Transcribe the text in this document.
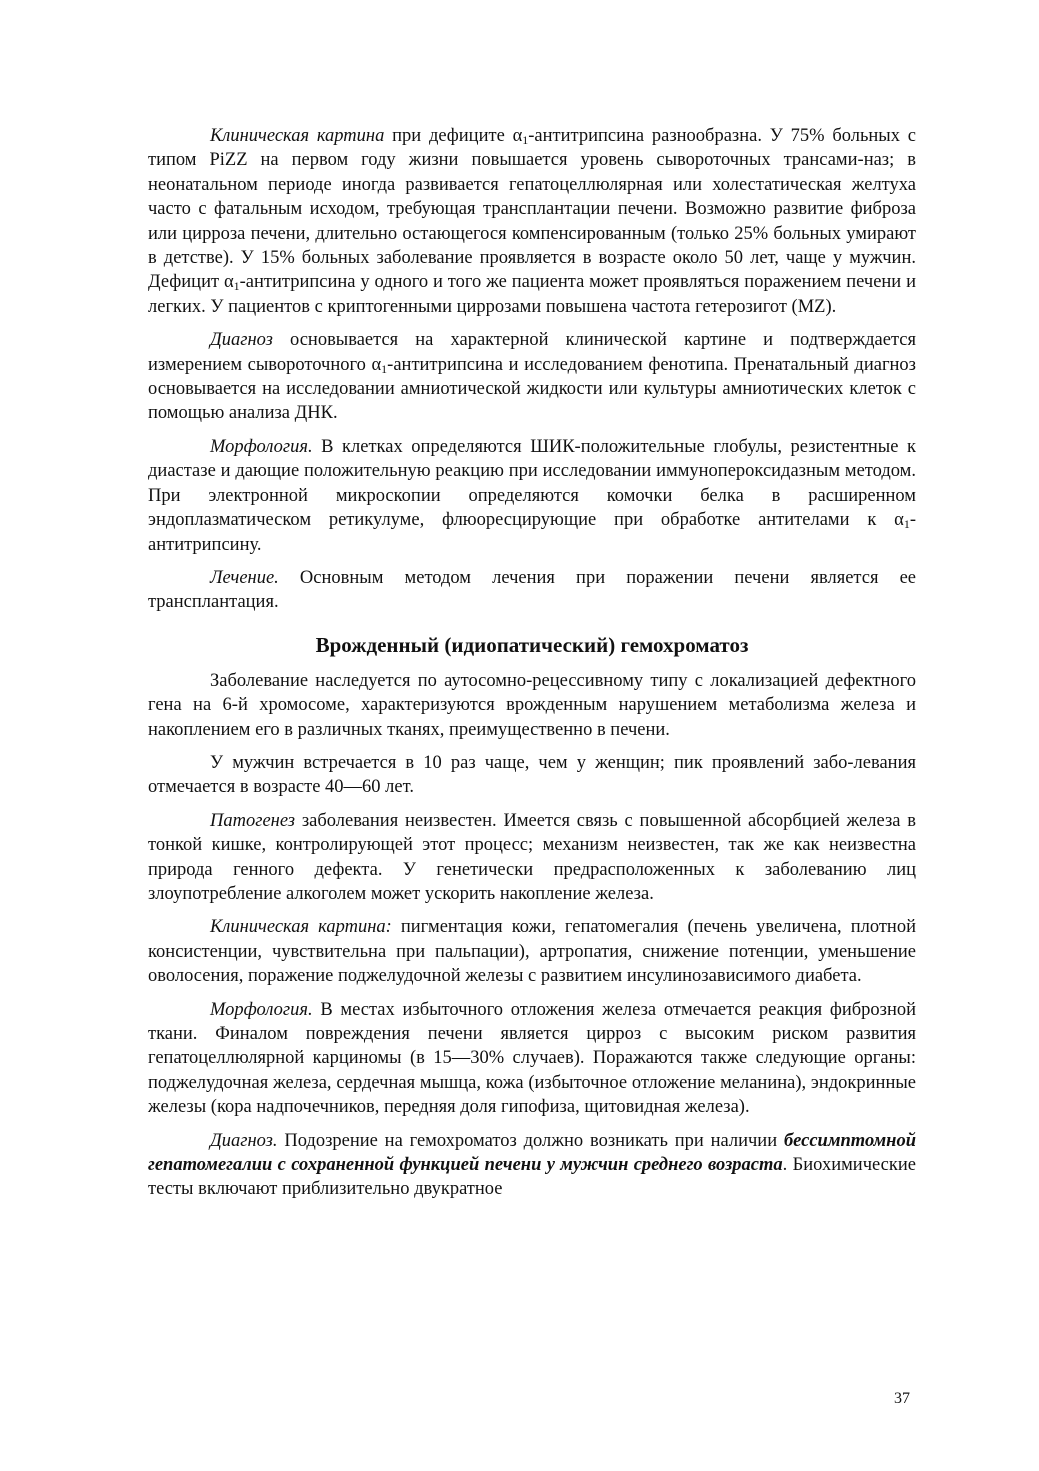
Клиническая картина при дефиците $\alpha_1$-антитрипсина разнообразна. У 75% больных с типом PiZZ на первом году жизни повышается уровень сывороточных трансами-наз; в неонатальном периоде иногда развивается гепатоцеллюлярная или холестатическая желтуха часто с фатальным исходом, требующая трансплантации печени. Возможно развитие фиброза или цирроза печени, длительно остающегося компенсированным (только 25% больных умирают в детстве). У 15% больных заболевание проявляется в возрасте около 50 лет, чаще у мужчин. Дефицит $\alpha_1$-антитрипсина у одного и того же пациента может проявляться поражением печени и легких. У пациентов с криптогенными циррозами повышена частота гетерозигот (MZ).

Диагноз основывается на характерной клинической картине и подтверждается измерением сывороточного $\alpha_1$-антитрипсина и исследованием фенотипа. Пренатальный диагноз основывается на исследовании амниотической жидкости или культуры амниотических клеток с помощью анализа ДНК.

Морфология. В клетках определяются ШИК-положительные глобулы, резистентные к диастазе и дающие положительную реакцию при исследовании иммунопероксидазным методом. При электронной микроскопии определяются комочки белка в расширенном эндоплазматическом ретикулуме, флюоресцирующие при обработке антителами к $\alpha_1$-антитрипсину.

Лечение. Основным методом лечения при поражении печени является ее трансплантация.

Врожденный (идиопатический) гемохроматоз

Заболевание наследуется по аутосомно-рецессивному типу с локализацией дефектного гена на 6-й хромосоме, характеризуются врожденным нарушением метаболизма железа и накоплением его в различных тканях, преимущественно в печени.

У мужчин встречается в 10 раз чаще, чем у женщин; пик проявлений забо-левания отмечается в возрасте 40—60 лет.

Патогенез заболевания неизвестен. Имеется связь с повышенной абсорбцией железа в тонкой кишке, контролирующей этот процесс; механизм неизвестен, так же как неизвестна природа генного дефекта. У генетически предрасположенных к заболеванию лиц злоупотребление алкоголем может ускорить накопление железа.

Клиническая картина: пигментация кожи, гепатомегалия (печень увеличена, плотной консистенции, чувствительна при пальпации), артропатия, снижение потенции, уменьшение оволосения, поражение поджелудочной железы с развитием инсулинозависимого диабета.

Морфология. В местах избыточного отложения железа отмечается реакция фиброзной ткани. Финалом повреждения печени является цирроз с высоким риском развития гепатоцеллюлярной карциномы (в 15—30% случаев). Поражаются также следующие органы: поджелудочная железа, сердечная мышца, кожа (избыточное отложение меланина), эндокринные железы (кора надпочечников, передняя доля гипофиза, щитовидная железа).

Диагноз. Подозрение на гемохроматоз должно возникать при наличии бессимптомной гепатомегалии с сохраненной функцией печени у мужчин среднего возраста. Биохимические тесты включают приблизительно двукратное

37
